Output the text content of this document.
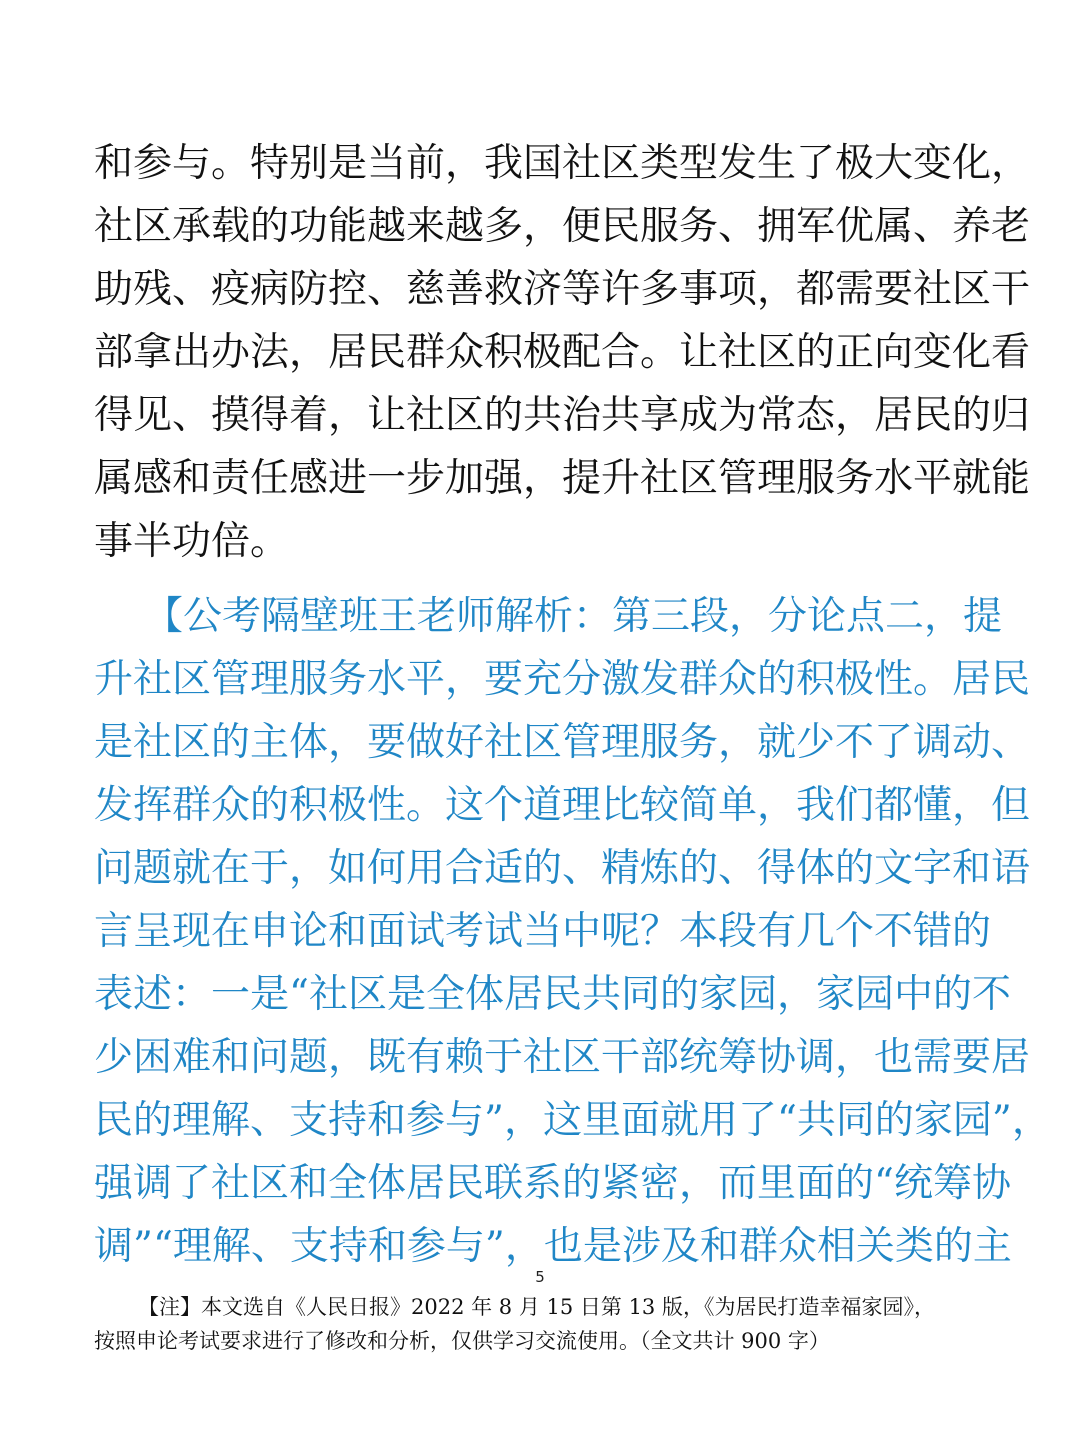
和参与。特别是当前，我国社区类型发生了极大变化，
社区承载的功能越来越多，便民服务、拥军优属、养老
助残、疫病防控、慈善救济等许多事项，都需要社区干
部拿出办法，居民群众积极配合。让社区的正向变化看
得见、摸得着，让社区的共治共享成为常态，居民的归
属感和责任感进一步加强，提升社区管理服务水平就能
事半功倍。
【公考隔壁班王老师解析：第三段，分论点二，提
升社区管理服务水平，要充分激发群众的积极性。居民
是社区的主体，要做好社区管理服务，就少不了调动、
发挥群众的积极性。这个道理比较简单，我们都懂，但
问题就在于，如何用合适的、精炼的、得体的文字和语
言呈现在申论和面试考试当中呢？本段有几个不错的
表述：一是“社区是全体居民共同的家园，家园中的不
少困难和问题，既有赖于社区干部统筹协调，也需要居
民的理解、支持和参与”，这里面就用了“共同的家园”，
强调了社区和全体居民联系的紧密，而里面的“统筹协
调”“理解、支持和参与”，也是涉及和群众相关类的主
5
【注】本文选自《人民日报》2022 年 8 月 15 日第 13 版，《为居民打造幸福家园》，
按照申论考试要求进行了修改和分析，仅供学习交流使用。（全文共计 900 字）
